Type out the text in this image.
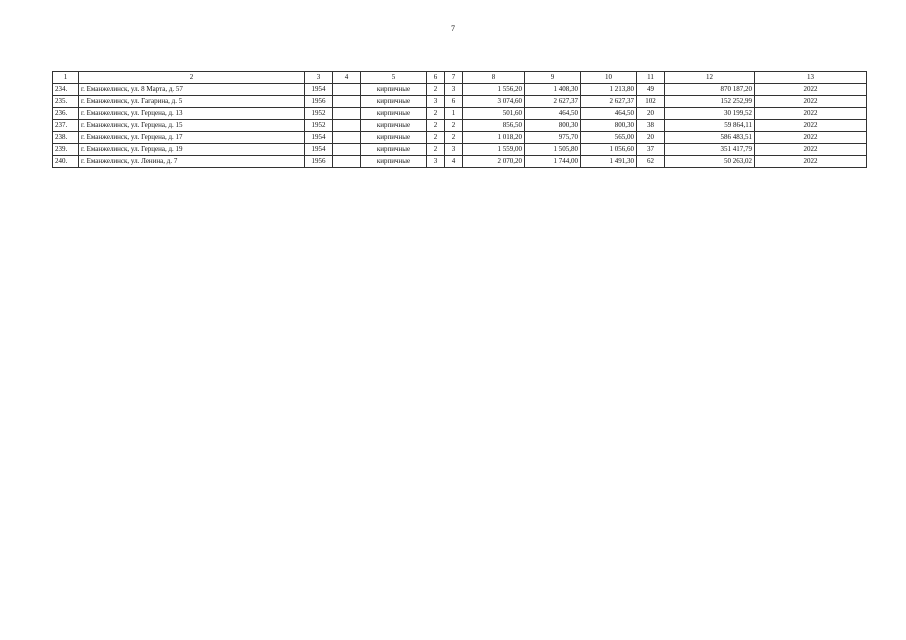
7
1	2	3	4	5	6	7	8	9	10	11	12	13
234.	г. Еманжелинск, ул. 8 Марта, д. 57	1954		кирпичные	2	3	1 556,20	1 408,30	1 213,80	49	870 187,20	2022
235.	г. Еманжелинск, ул. Гагарина, д. 5	1956		кирпичные	3	6	3 074,60	2 627,37	2 627,37	102	152 252,99	2022
236.	г. Еманжелинск, ул. Герцена, д. 13	1952		кирпичные	2	1	501,60	464,50	464,50	20	30 199,52	2022
237.	г. Еманжелинск, ул. Герцена, д. 15	1952		кирпичные	2	2	856,50	800,30	800,30	38	59 864,11	2022
238.	г. Еманжелинск, ул. Герцена, д. 17	1954		кирпичные	2	2	1 018,20	975,70	565,00	20	586 483,51	2022
239.	г. Еманжелинск, ул. Герцена, д. 19	1954		кирпичные	2	3	1 559,00	1 505,80	1 056,60	37	351 417,79	2022
240.	г. Еманжелинск, ул. Ленина, д. 7	1956		кирпичные	3	4	2 070,20	1 744,00	1 491,30	62	50 263,02	2022
